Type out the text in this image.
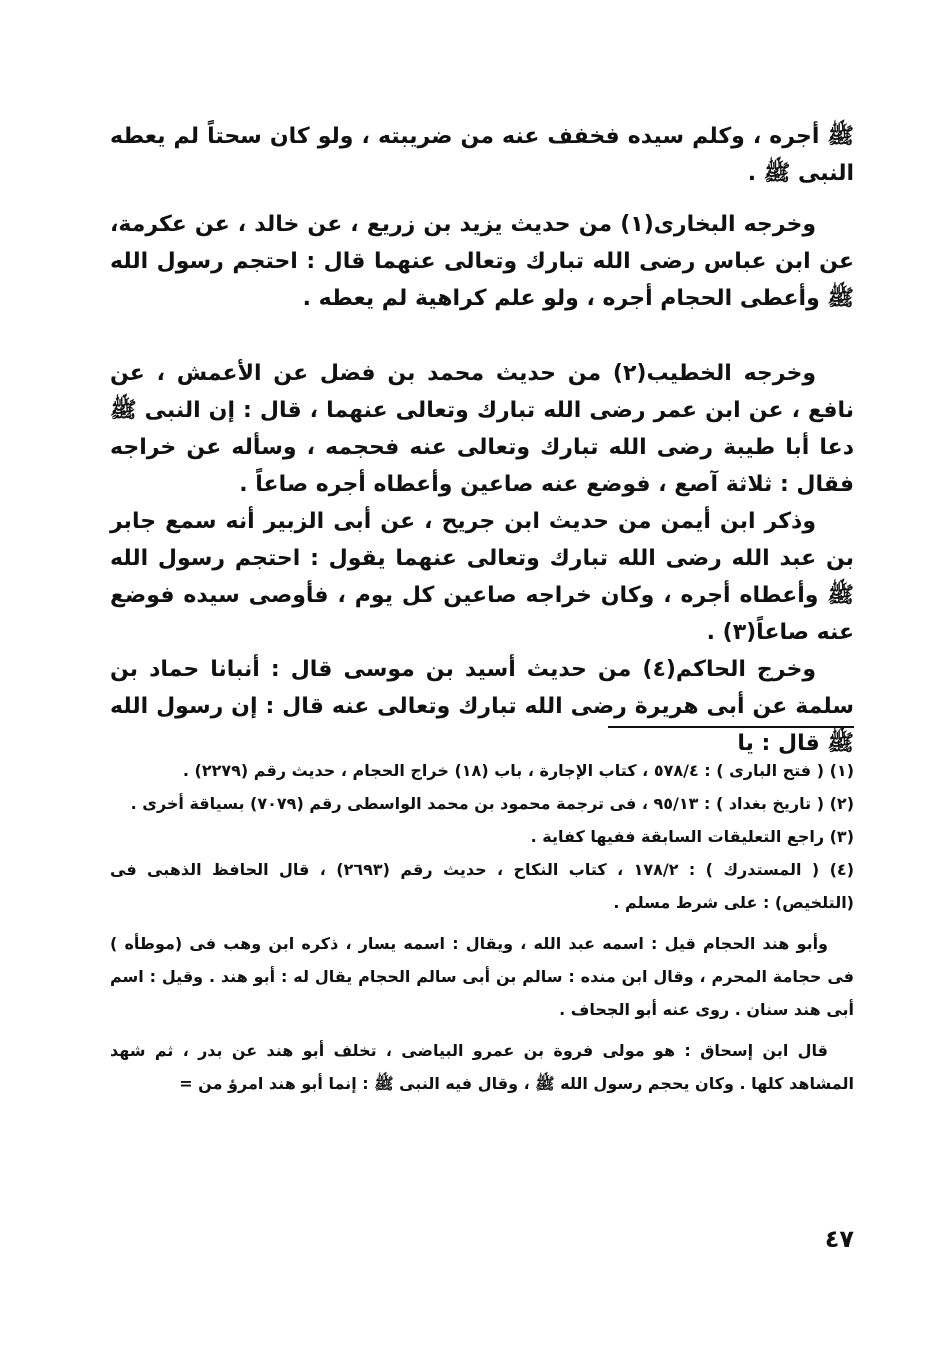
ﷺ أجره ، وكلم سيده فخفف عنه من ضريبته ، ولو كان سحتاً لم يعطه النبى ﷺ .

وخرجه البخارى(١) من حديث يزيد بن زريع ، عن خالد ، عن عكرمة، عن ابن عباس رضى الله تبارك وتعالى عنهما قال : احتجم رسول الله ﷺ وأعطى الحجام أجره ، ولو علم كراهية لم يعطه .

وخرجه الخطيب(٢) من حديث محمد بن فضل عن الأعمش ، عن نافع ، عن ابن عمر رضى الله تبارك وتعالى عنهما ، قال : إن النبى ﷺ دعا أبا طيبة رضى الله تبارك وتعالى عنه فحجمه ، وسأله عن خراجه فقال : ثلاثة آصع ، فوضع عنه صاعين وأعطاه أجره صاعاً .

وذكر ابن أيمن من حديث ابن جريح ، عن أبى الزبير أنه سمع جابر بن عبد الله رضى الله تبارك وتعالى عنهما يقول : احتجم رسول الله ﷺ وأعطاه أجره ، وكان خراجه صاعين كل يوم ، فأوصى سيده فوضع عنه صاعاً(٣) .

وخرج الحاكم(٤) من حديث أسيد بن موسى قال : أنبانا حماد بن سلمة عن أبى هريرة رضى الله تبارك وتعالى عنه قال : إن رسول الله ﷺ قال : يا

(١) ( فتح البارى ) : ٥٧٨/٤ ، كتاب الإجارة ، باب (١٨) خراج الحجام ، حديث رقم (٢٢٧٩) .

(٢) ( تاريخ بغداد ) : ٩٥/١٣ ، فى ترجمة محمود بن محمد الواسطى رقم (٧٠٧٩) بسياقة أخرى .

(٣) راجع التعليقات السابقة ففيها كفاية .

(٤) ( المستدرك ) : ١٧٨/٢ ، كتاب النكاح ، حديث رقم (٢٦٩٣) ، قال الحافظ الذهبى فى (التلخيص) : على شرط مسلم .

وأبو هند الحجام قيل : اسمه عبد الله ، ويقال : اسمه يسار ، ذكره ابن وهب فى (موطأه ) فى حجامة المحرم ، وقال ابن منده : سالم بن أبى سالم الحجام يقال له : أبو هند . وقيل : اسم أبى هند سنان . روى عنه أبو الجحاف .

قال ابن إسحاق : هو مولى فروة بن عمرو البياضى ، تخلف أبو هند عن بدر ، ثم شهد المشاهد كلها . وكان يحجم رسول الله ﷺ ، وقال فيه النبى ﷺ : إنما أبو هند امرؤ من =

٤٧
